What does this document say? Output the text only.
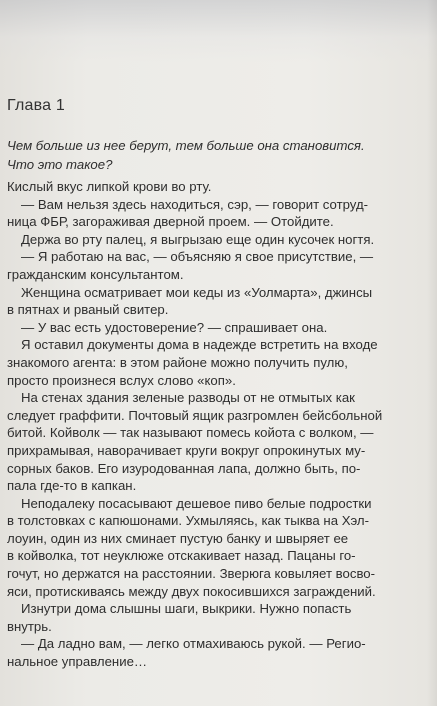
Глава 1
Чем больше из нее берут, тем больше она становится.
Что это такое?
Кислый вкус липкой крови во рту.
— Вам нельзя здесь находиться, сэр, — говорит сотруд-
ница ФБР, загораживая дверной проем. — Отойдите.
Держа во рту палец, я выгрызаю еще один кусочек ногтя.
— Я работаю на вас, — объясняю я свое присутствие, —
гражданским консультантом.
Женщина осматривает мои кеды из «Уолмарта», джинсы
в пятнах и рваный свитер.
— У вас есть удостоверение? — спрашивает она.
Я оставил документы дома в надежде встретить на входе
знакомого агента: в этом районе можно получить пулю,
просто произнеся вслух слово «коп».
На стенах здания зеленые разводы от не отмытых как
следует граффити. Почтовый ящик разгромлен бейсбольной
битой. Койволк — так называют помесь койота с волком, —
прихрамывая, наворачивает круги вокруг опрокинутых му-
сорных баков. Его изуродованная лапа, должно быть, по-
пала где-то в капкан.
Неподалеку посасывают дешевое пиво белые подростки
в толстовках с капюшонами. Ухмыляясь, как тыква на Хэл-
лоуин, один из них сминает пустую банку и швыряет ее
в койволка, тот неуклюже отскакивает назад. Пацаны го-
гочут, но держатся на расстоянии. Зверюга ковыляет восво-
яси, протискиваясь между двух покосившихся заграждений.
Изнутри дома слышны шаги, выкрики. Нужно попасть
внутрь.
— Да ладно вам, — легко отмахиваюсь рукой. — Регио-
нальное управление…
